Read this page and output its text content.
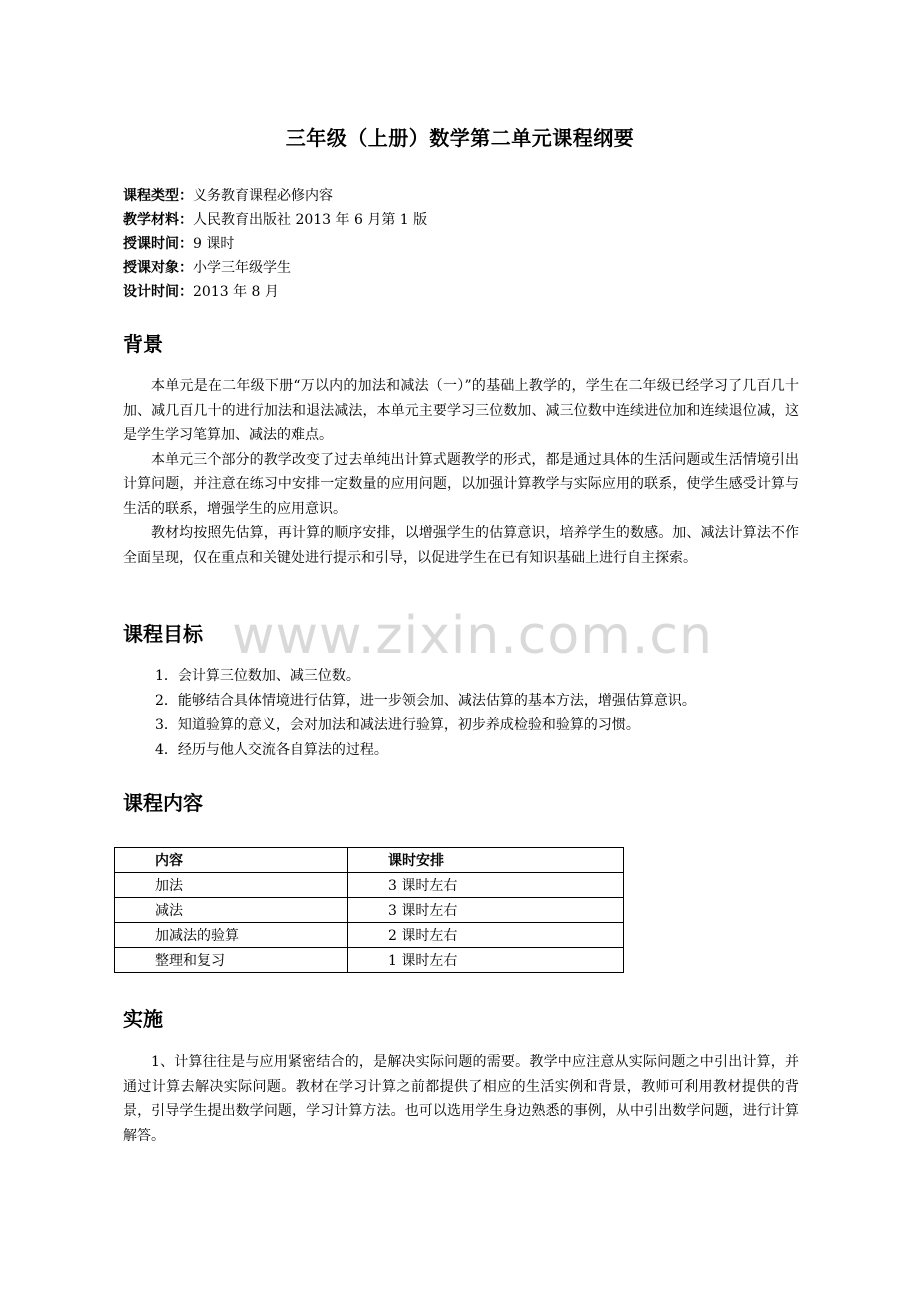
www.zixin.com.cn
三年级（上册）数学第二单元课程纲要
课程类型：义务教育课程必修内容
教学材料：人民教育出版社 2013 年 6 月第 1 版
授课时间：9 课时
授课对象：小学三年级学生
设计时间：2013 年 8 月
背景

本单元是在二年级下册“万以内的加法和减法（一）”的基础上教学的，学生在二年级已经学习了几百几十加、减几百几十的进行加法和退法减法，本单元主要学习三位数加、减三位数中连续进位加和连续退位减，这是学生学习笔算加、减法的难点。

本单元三个部分的教学改变了过去单纯出计算式题教学的形式，都是通过具体的生活问题或生活情境引出计算问题，并注意在练习中安排一定数量的应用问题，以加强计算教学与实际应用的联系，使学生感受计算与生活的联系，增强学生的应用意识。

教材均按照先估算，再计算的顺序安排，以增强学生的估算意识，培养学生的数感。加、减法计算法不作全面呈现，仅在重点和关键处进行提示和引导，以促进学生在已有知识基础上进行自主探索。

课程目标
1．会计算三位数加、减三位数。
2．能够结合具体情境进行估算，进一步领会加、减法估算的基本方法，增强估算意识。
3．知道验算的意义，会对加法和减法进行验算，初步养成检验和验算的习惯。
4．经历与他人交流各自算法的过程。
课程内容
内容	课时安排
加法	3 课时左右
减法	3 课时左右
加减法的验算	2 课时左右
整理和复习	1 课时左右
实施

1、计算往往是与应用紧密结合的，是解决实际问题的需要。教学中应注意从实际问题之中引出计算，并通过计算去解决实际问题。教材在学习计算之前都提供了相应的生活实例和背景，教师可利用教材提供的背景，引导学生提出数学问题，学习计算方法。也可以选用学生身边熟悉的事例，从中引出数学问题，进行计算解答。
